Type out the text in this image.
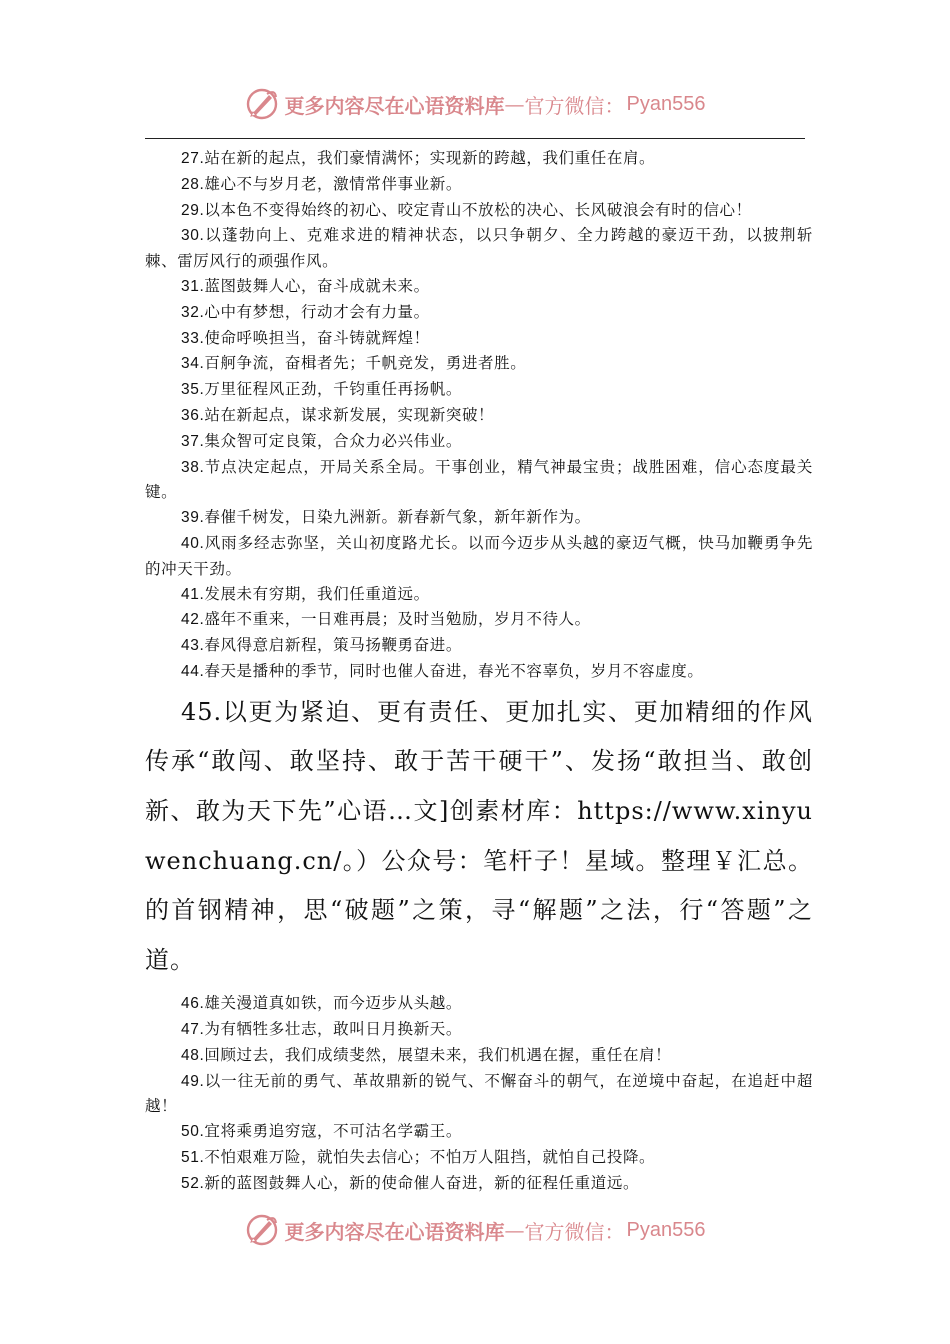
更多内容尽在心语资料库 — 官方微信： Pyan556

27.站在新的起点，我们豪情满怀；实现新的跨越，我们重任在肩。

28.雄心不与岁月老，激情常伴事业新。

29.以本色不变得始终的初心、咬定青山不放松的决心、长风破浪会有时的信心！

30.以蓬勃向上、克难求进的精神状态，以只争朝夕、全力跨越的豪迈干劲，以披荆斩棘、雷厉风行的顽强作风。

31.蓝图鼓舞人心，奋斗成就未来。

32.心中有梦想，行动才会有力量。

33.使命呼唤担当，奋斗铸就辉煌！

34.百舸争流，奋楫者先；千帆竞发，勇进者胜。

35.万里征程风正劲，千钧重任再扬帆。

36.站在新起点，谋求新发展，实现新突破！

37.集众智可定良策，合众力必兴伟业。

38.节点决定起点，开局关系全局。干事创业，精气神最宝贵；战胜困难，信心态度最关键。

39.春催千树发，日染九洲新。新春新气象，新年新作为。

40.风雨多经志弥坚，关山初度路尤长。以而今迈步从头越的豪迈气概，快马加鞭勇争先的冲天干劲。

41.发展未有穷期，我们任重道远。

42.盛年不重来，一日难再晨；及时当勉励，岁月不待人。

43.春风得意启新程，策马扬鞭勇奋进。

44.春天是播种的季节，同时也催人奋进，春光不容辜负，岁月不容虚度。

45.以更为紧迫、更有责任、更加扎实、更加精细的作风传承“敢闯、敢坚持、敢于苦干硬干”、发扬“敢担当、敢创新、敢为天下先”心语…文]创素材库：https://www.xinyuwenchuang.cn/。）公众号：笔杆子！星域。整理￥汇总。的首钢精神，思“破题”之策，寻“解题”之法，行“答题”之道。

46.雄关漫道真如铁，而今迈步从头越。

47.为有牺牲多壮志，敢叫日月换新天。

48.回顾过去，我们成绩斐然，展望未来，我们机遇在握，重任在肩！

49.以一往无前的勇气、革故鼎新的锐气、不懈奋斗的朝气，在逆境中奋起，在追赶中超越！

50.宜将乘勇追穷寇，不可沽名学霸王。

51.不怕艰难万险，就怕失去信心；不怕万人阻挡，就怕自己投降。

52.新的蓝图鼓舞人心，新的使命催人奋进，新的征程任重道远。

更多内容尽在心语资料库 — 官方微信： Pyan556
